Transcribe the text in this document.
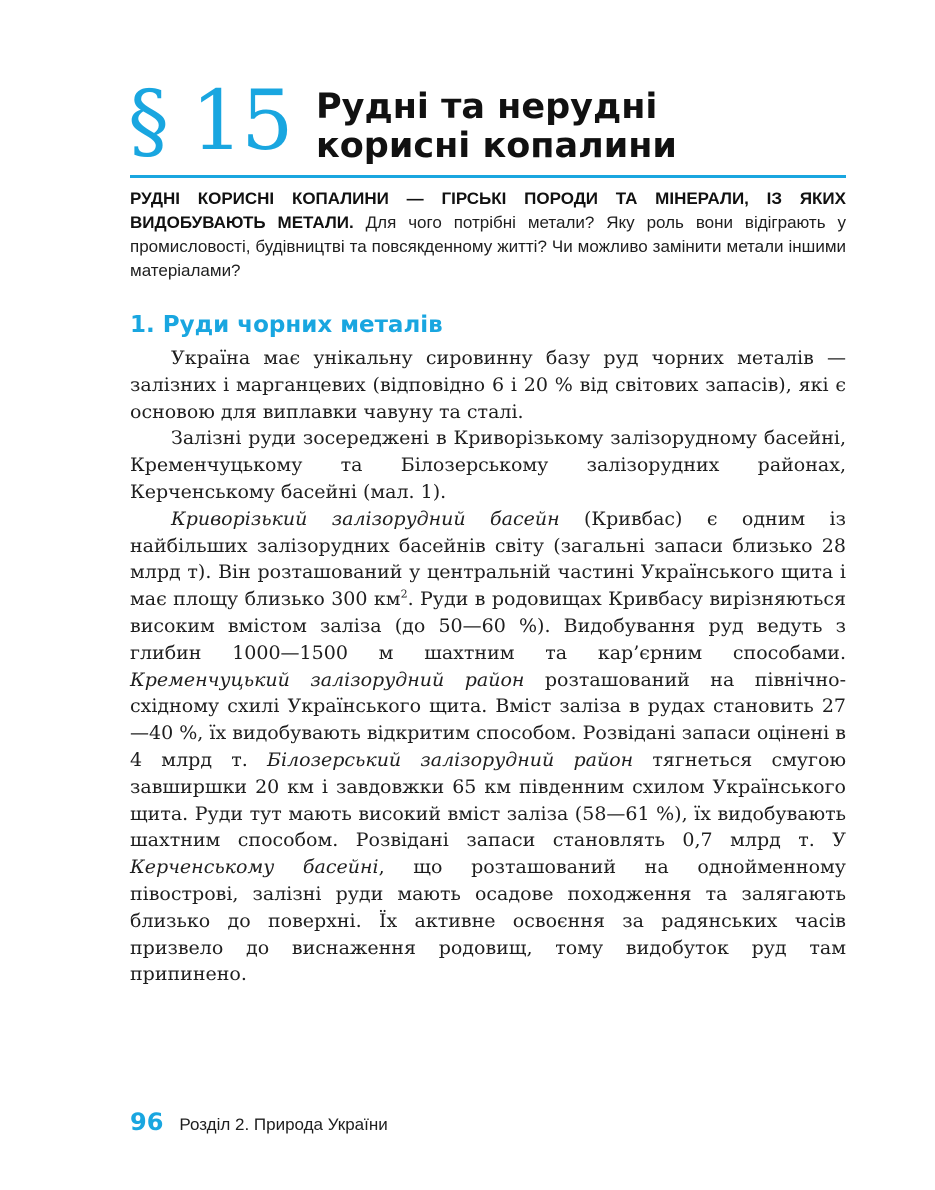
§ 15 Рудні та нерудні
корисні копалини
РУДНІ КОРИСНІ КОПАЛИНИ — ГІРСЬКІ ПОРОДИ ТА МІНЕРАЛИ, ІЗ ЯКИХ ВИДОБУВАЮТЬ МЕТАЛИ. Для чого потрібні метали? Яку роль вони відіграють у промисловості, будівництві та повсякденному житті? Чи можливо замінити метали іншими матеріалами?
1. Руди чорних металів

Україна має унікальну сировинну базу руд чорних металів — залізних і марганцевих (відповідно 6 і 20 % від світових запасів), які є основою для виплавки чавуну та сталі.

Залізні руди зосереджені в Криворізькому залізорудному басейні, Кременчуцькому та Білозерському залізорудних районах, Керченському басейні (мал. 1).

Криворізький залізорудний басейн (Кривбас) є одним із найбільших залізорудних басейнів світу (загальні запаси близько 28 млрд т). Він розташований у центральній частині Українського щита і має площу близько 300 $км^2$. Руди в родовищах Кривбасу вирізняються високим вмістом заліза (до 50—60 %). Видобування руд ведуть з глибин 1000—1500 м шахтним та кар’єрним способами. Кременчуцький залізорудний район розташований на північно-східному схилі Українського щита. Вміст заліза в рудах становить 27—40 %, їх видобувають відкритим способом. Розвідані запаси оцінені в 4 млрд т. Білозерський залізорудний район тягнеться смугою завширшки 20 км і завдовжки 65 км південним схилом Українського щита. Руди тут мають високий вміст заліза (58—61 %), їх видобувають шахтним способом. Розвідані запаси становлять 0,7 млрд т. У Керченському басейні, що розташований на однойменному півострові, залізні руди мають осадове походження та залягають близько до поверхні. Їх активне освоєння за радянських часів призвело до виснаження родовищ, тому видобуток руд там припинено.

96 Розділ 2. Природа України
